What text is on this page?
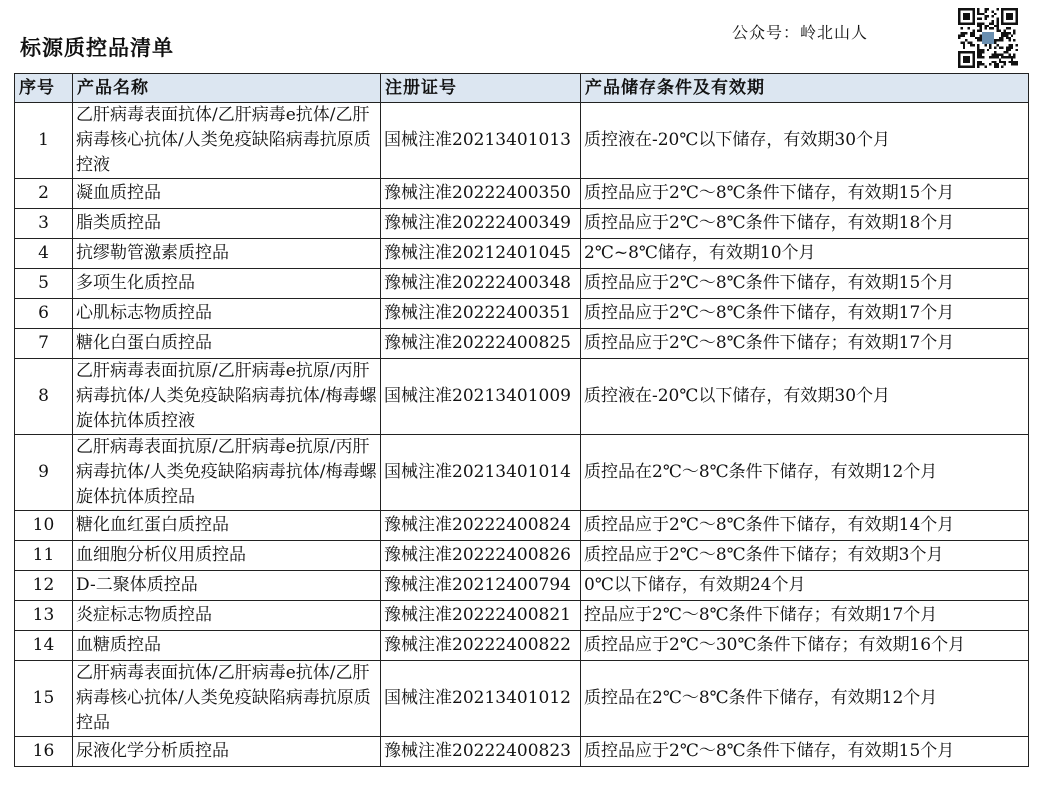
标源质控品清单
公众号：岭北山人
序号	产品名称	注册证号	产品储存条件及有效期
1	乙肝病毒表面抗体/乙肝病毒e抗体/乙肝病毒核心抗体/人类免疫缺陷病毒抗原质控液	国械注准20213401013	质控液在-20℃以下储存，有效期30个月
2	凝血质控品	豫械注准20222400350	质控品应于2℃～8℃条件下储存，有效期15个月
3	脂类质控品	豫械注准20222400349	质控品应于2℃～8℃条件下储存，有效期18个月
4	抗缪勒管激素质控品	豫械注准20212401045	2℃~8℃储存，有效期10个月
5	多项生化质控品	豫械注准20222400348	质控品应于2℃～8℃条件下储存，有效期15个月
6	心肌标志物质控品	豫械注准20222400351	质控品应于2℃～8℃条件下储存，有效期17个月
7	糖化白蛋白质控品	豫械注准20222400825	质控品应于2℃～8℃条件下储存；有效期17个月
8	乙肝病毒表面抗原/乙肝病毒e抗原/丙肝病毒抗体/人类免疫缺陷病毒抗体/梅毒螺旋体抗体质控液	国械注准20213401009	质控液在-20℃以下储存，有效期30个月
9	乙肝病毒表面抗原/乙肝病毒e抗原/丙肝病毒抗体/人类免疫缺陷病毒抗体/梅毒螺旋体抗体质控品	国械注准20213401014	质控品在2℃～8℃条件下储存，有效期12个月
10	糖化血红蛋白质控品	豫械注准20222400824	质控品应于2℃～8℃条件下储存，有效期14个月
11	血细胞分析仪用质控品	豫械注准20222400826	质控品应于2℃～8℃条件下储存；有效期3个月
12	D-二聚体质控品	豫械注准20212400794	0℃以下储存，有效期24个月
13	炎症标志物质控品	豫械注准20222400821	控品应于2℃～8℃条件下储存；有效期17个月
14	血糖质控品	豫械注准20222400822	质控品应于2℃～30℃条件下储存；有效期16个月
15	乙肝病毒表面抗体/乙肝病毒e抗体/乙肝病毒核心抗体/人类免疫缺陷病毒抗原质控品	国械注准20213401012	质控品在2℃～8℃条件下储存，有效期12个月
16	尿液化学分析质控品	豫械注准20222400823	质控品应于2℃～8℃条件下储存，有效期15个月
